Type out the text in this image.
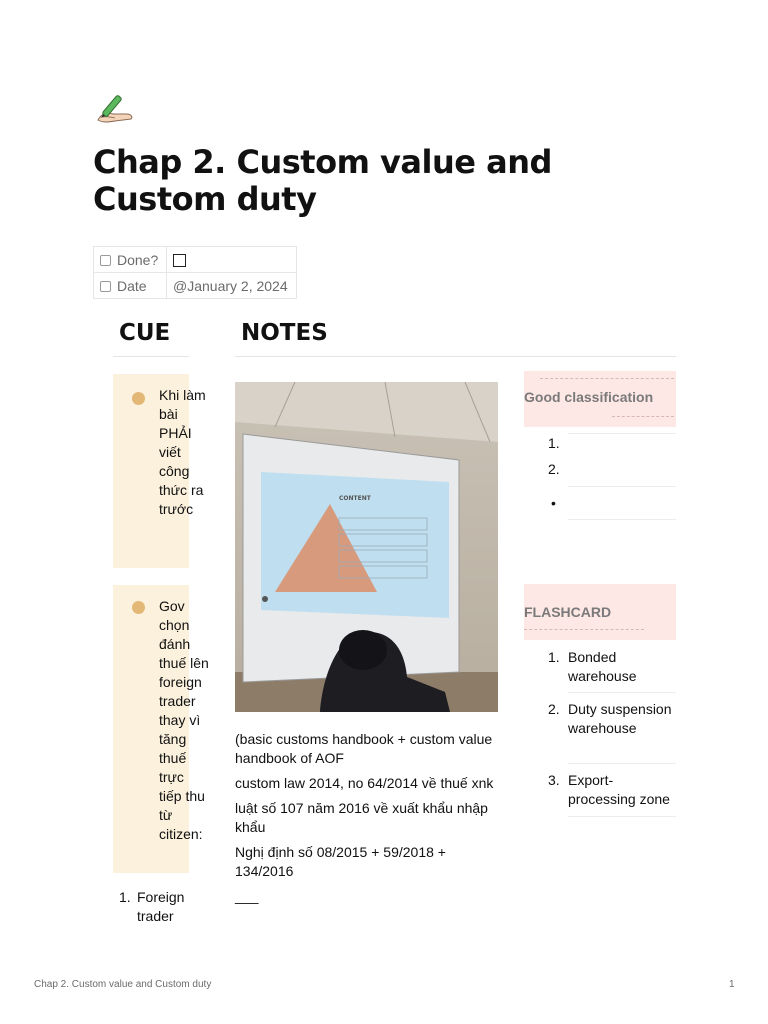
Chap 2. Custom value and Custom duty
Done?	
Date	@January 2, 2024
CUE	NOTES
Khi làm bài PHẢI viết công thức ra trước
Gov chọn đánh thuế lên foreign trader thay vì tăng thuế trực tiếp thu từ citizen:
1. Foreign trader
CONTENT

(basic customs handbook + custom value handbook of AOF

custom law 2014, no 64/2014 về thuế xnk

luật số 107 năm 2016 về xuất khẩu nhập khẩu

Nghị định số 08/2015 + 59/2018 + 134/2016

___

Good classification
1.
2.
•
FLASHCARD
1. Bonded warehouse
2. Duty suspension warehouse
3. Export-processing zone
Chap 2. Custom value and Custom duty	1
